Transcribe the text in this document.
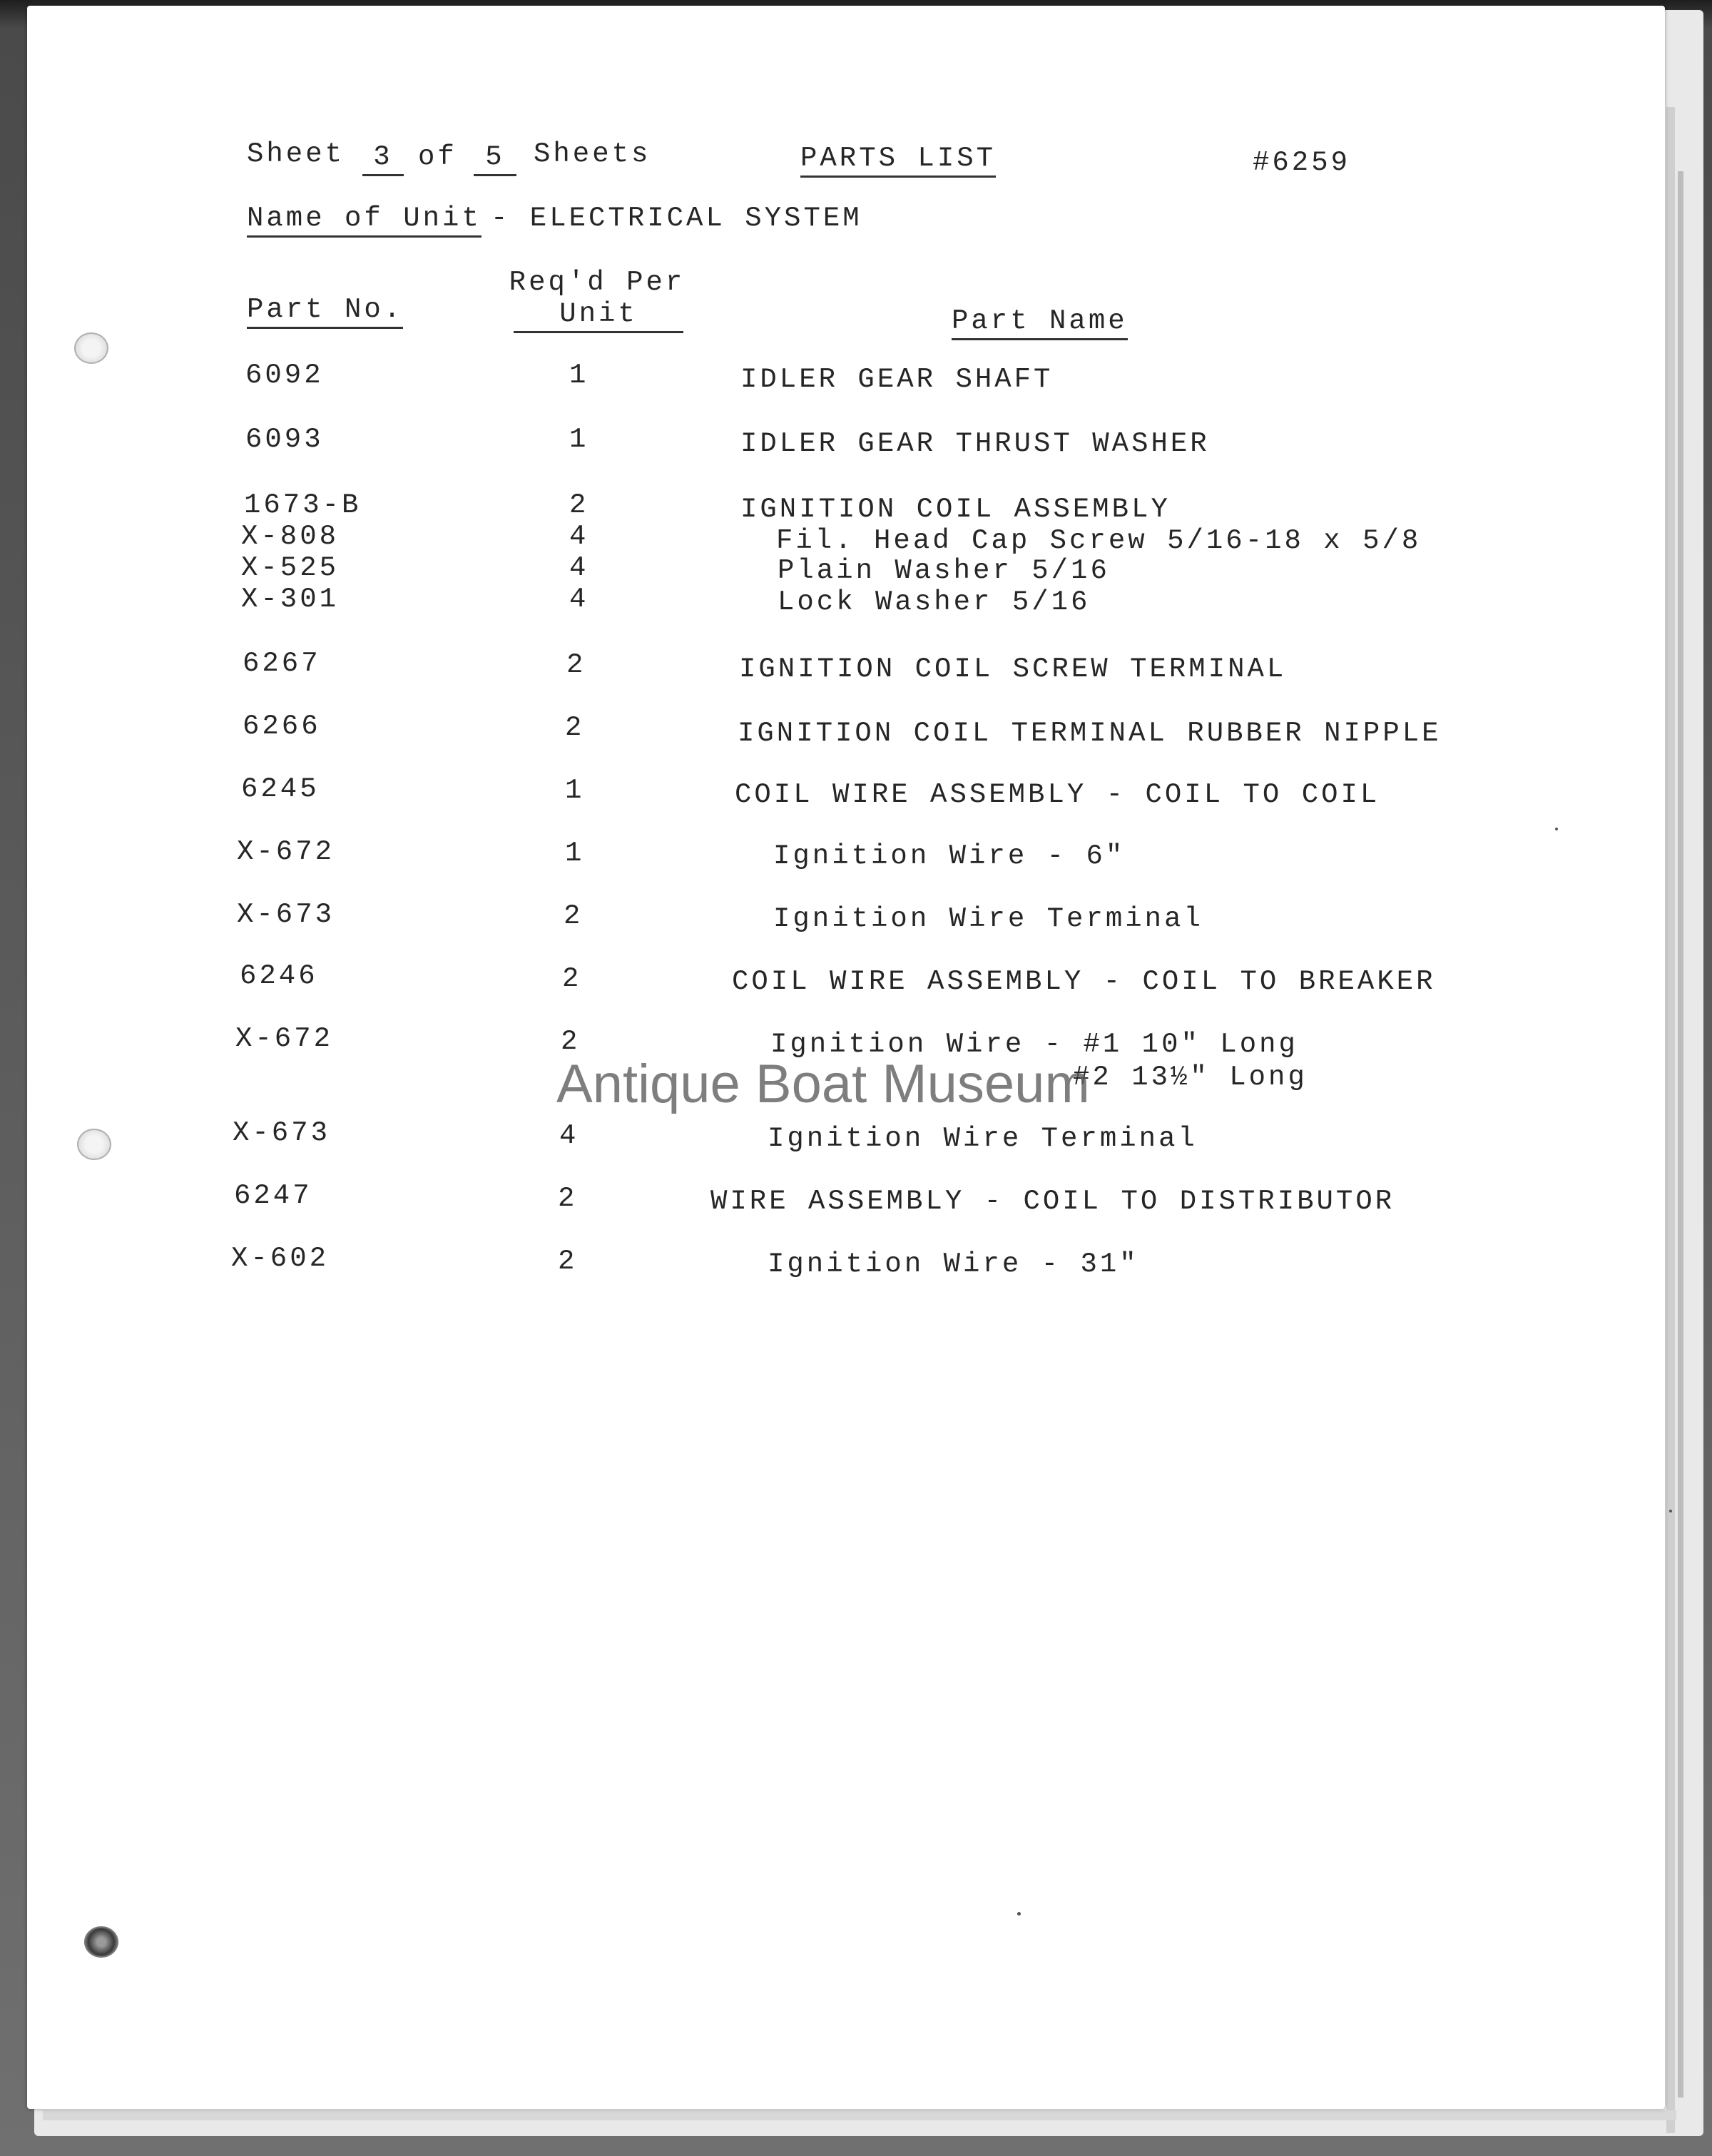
Sheet	3 of	5	Sheets	PARTS LIST	#6259
Name of Unit - ELECTRICAL SYSTEM
Part No.
Req'd Per
Unit	Part Name
6092	1	IDLER GEAR SHAFT
6093	1	IDLER GEAR THRUST WASHER
1673-B	2	IGNITION COIL ASSEMBLY
X-808	4	Fil. Head Cap Screw 5/16-18 x 5/8
X-525	4	Plain Washer 5/16
X-301	4	Lock Washer 5/16
6267	2	IGNITION COIL SCREW TERMINAL
6266	2	IGNITION COIL TERMINAL RUBBER NIPPLE
6245	1	COIL WIRE ASSEMBLY - COIL TO COIL
X-672	1	Ignition Wire - 6"
X-673	2	Ignition Wire Terminal
6246	2	COIL WIRE ASSEMBLY - COIL TO BREAKER
X-672	2	Ignition Wire - #1 10" Long
#2 13½" Long
X-673	4	Ignition Wire Terminal
6247	2	WIRE ASSEMBLY - COIL TO DISTRIBUTOR
X-602	2	Ignition Wire - 31"
Antique Boat Museum
